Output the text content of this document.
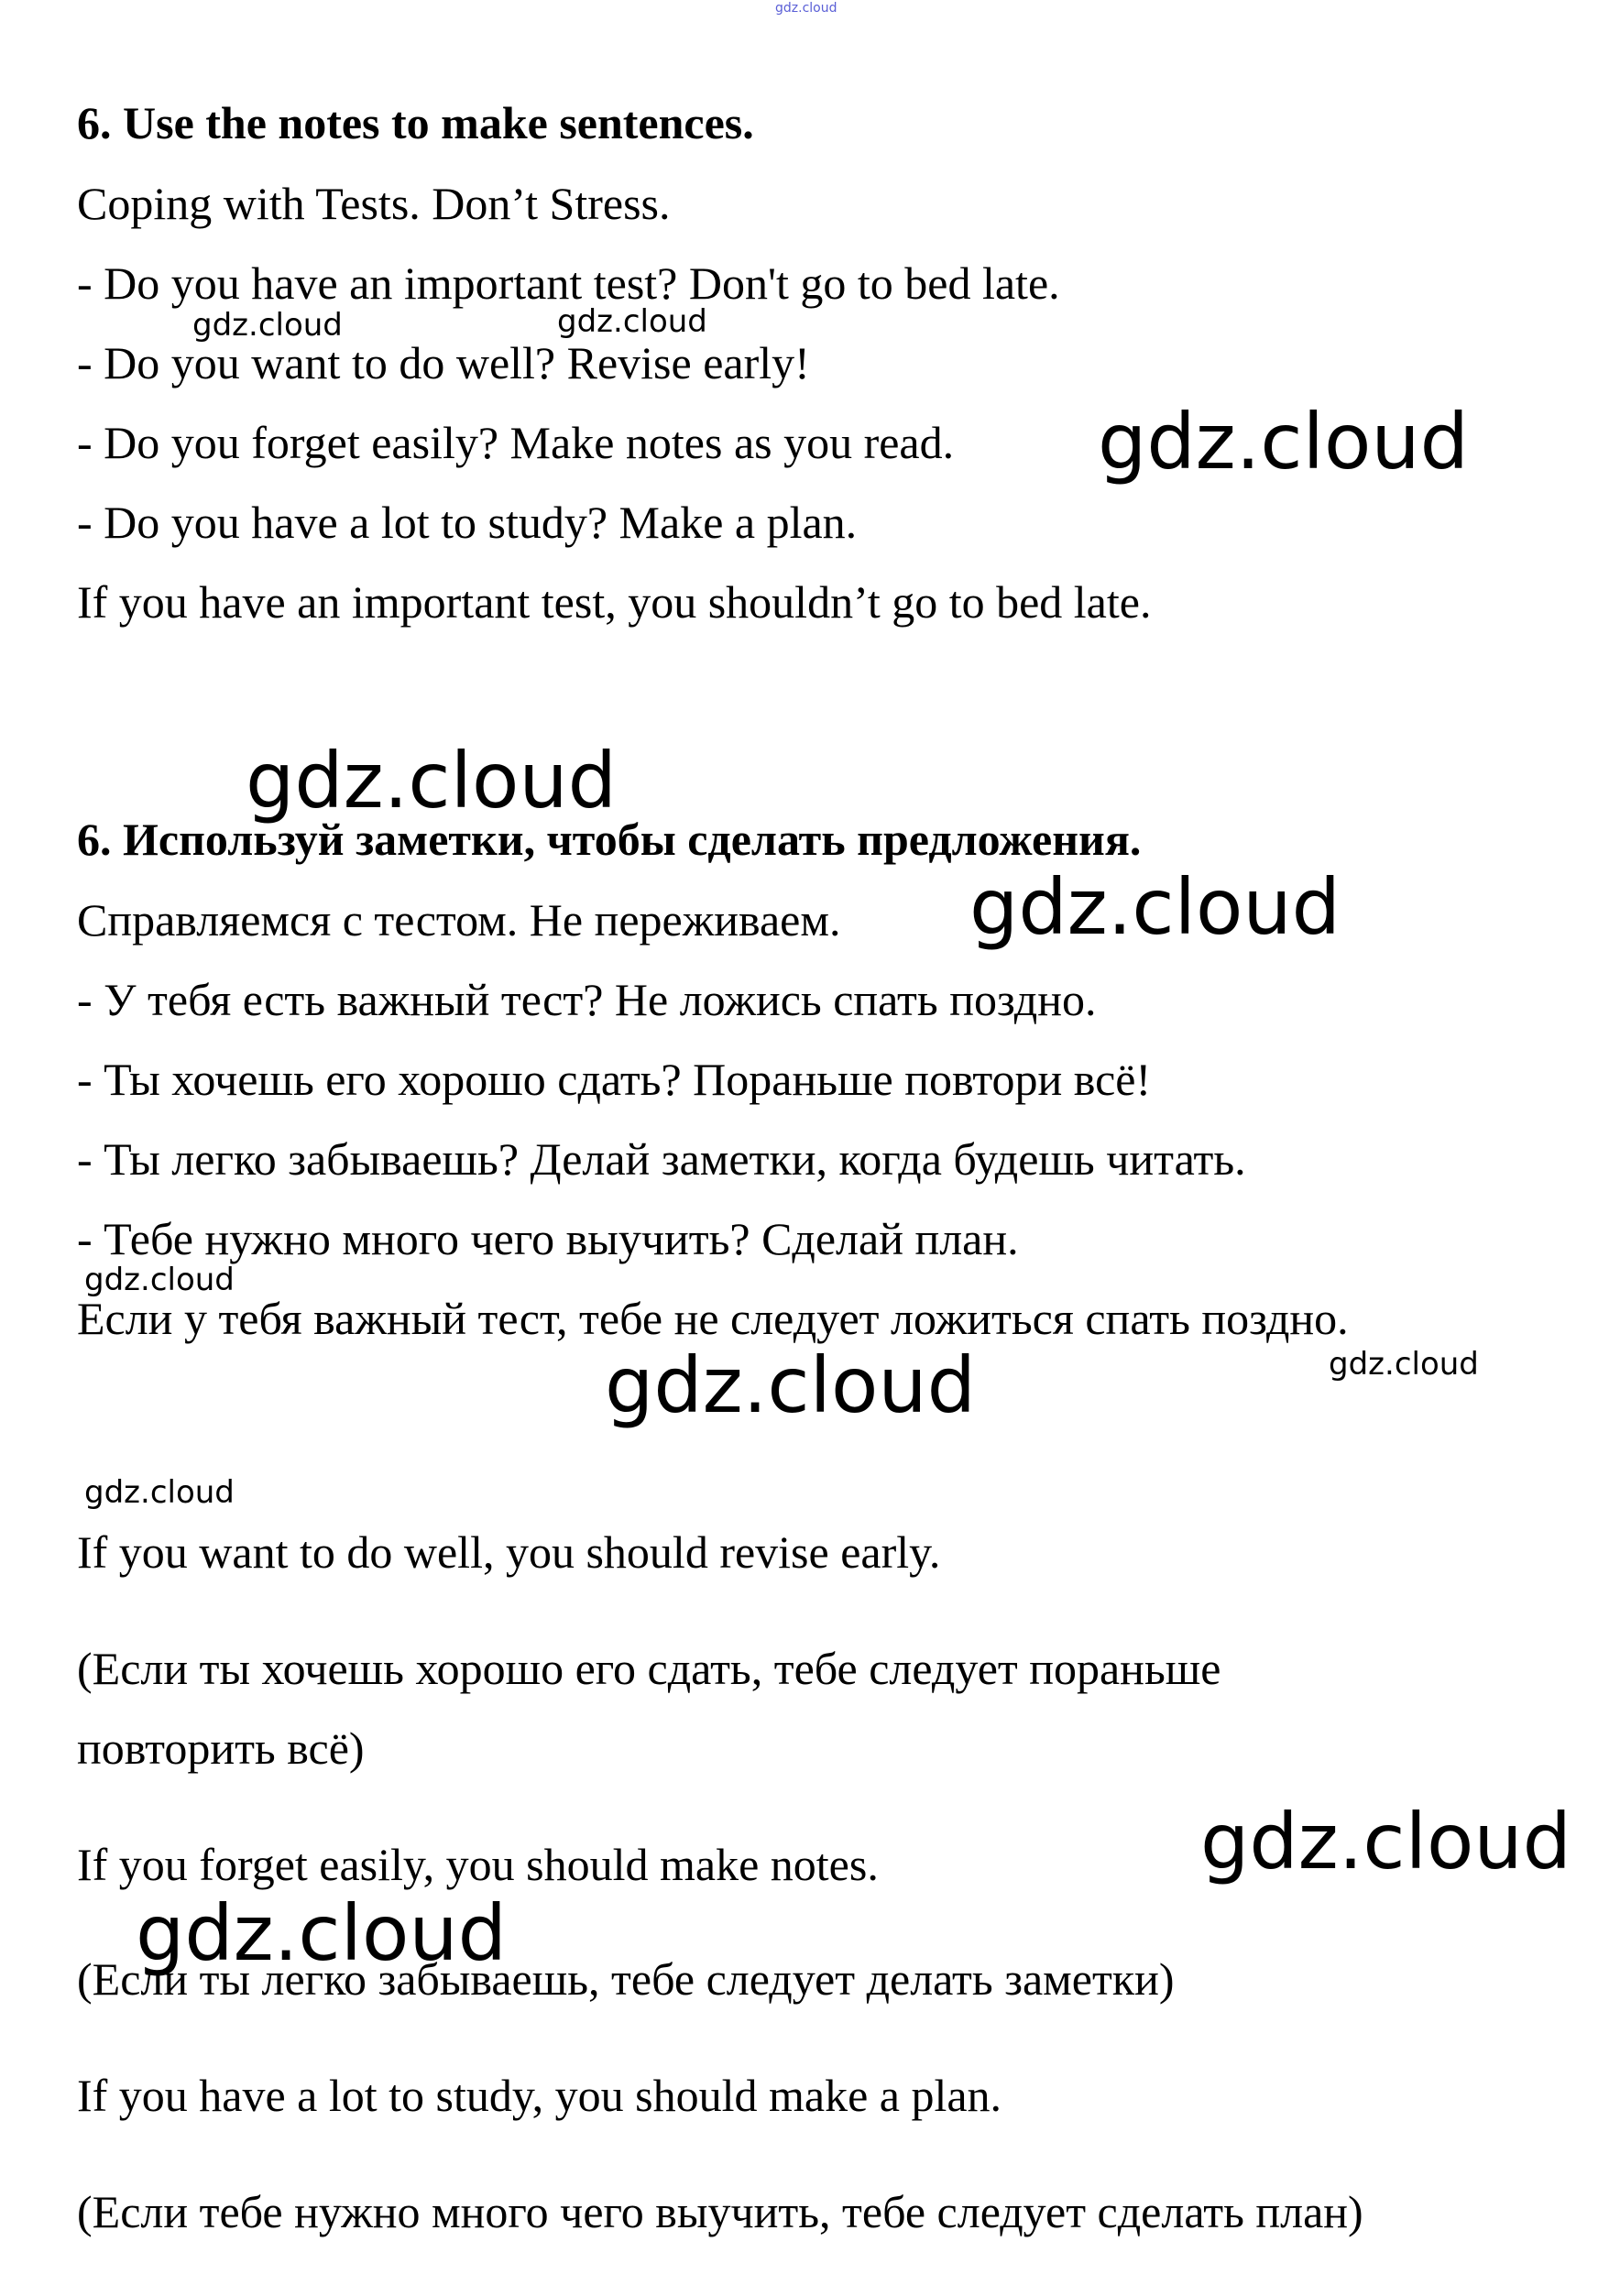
6. Use the notes to make sentences.
Coping with Tests. Don’t Stress.
- Do you have an important test? Don't go to bed late.
- Do you want to do well? Revise early!
- Do you forget easily? Make notes as you read.
- Do you have a lot to study? Make a plan.
If you have an important test, you shouldn’t go to bed late.
6. Используй заметки, чтобы сделать предложения.
Справляемся с тестом. Не переживаем.
- У тебя есть важный тест? Не ложись спать поздно.
- Ты хочешь его хорошо сдать? Пораньше повтори всё!
- Ты легко забываешь? Делай заметки, когда будешь читать.
- Тебе нужно много чего выучить? Сделай план.
Если у тебя важный тест, тебе не следует ложиться спать поздно.
If you want to do well, you should revise early.
(Если ты хочешь хорошо его сдать, тебе следует пораньше
повторить всё)
If you forget easily, you should make notes.
(Если ты легко забываешь, тебе следует делать заметки)
If you have a lot to study, you should make a plan.
(Если тебе нужно много чего выучить, тебе следует сделать план)
gdz.cloud
gdz.cloud	gdz.cloud
gdz.cloud
gdz.cloud
gdz.cloud
gdz.cloud
gdz.cloud	gdz.cloud
gdz.cloud
gdz.cloud
gdz.cloud
